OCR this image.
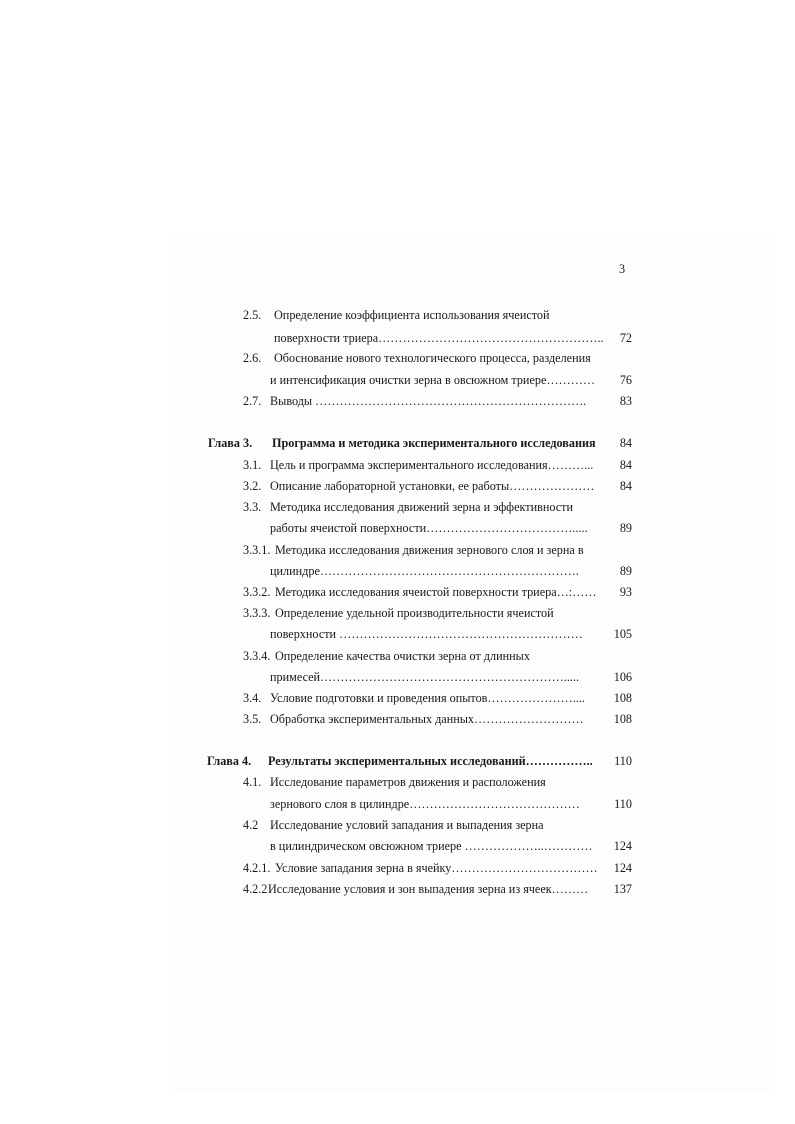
3
2.5. Определение коэффициента использования ячеистой
поверхности триера………………………………………………..	72
2.6. Обоснование нового технологического процесса, разделения
и интенсификация очистки зерна в овсюжном триере…………	76
2.7. Выводы ………………………………………………………….	83
Глава 3. Программа и методика экспериментального исследования	84
3.1. Цель и программа экспериментального исследования………...	84
3.2. Описание лабораторной установки, ее работы…………………	84
3.3. Методика исследования движений зерна и эффективности
работы ячеистой поверхности……………………………….....	89
3.3.1. Методика исследования движения зернового слоя и зерна в
цилиндре……………………………………………………….	89
3.3.2. Методика исследования ячеистой поверхности триера…:……	93
3.3.3. Определение удельной производительности ячеистой
поверхности ……………………………………………………	105
3.3.4. Определение качества очистки зерна от длинных
примесей…………………………………………………….....	106
3.4. Условие подготовки и проведения опытов…………………....	108
3.5. Обработка экспериментальных данных………………………	108
Глава 4. Результаты экспериментальных исследований……………..	110
4.1. Исследование параметров движения и расположения
зернового слоя в цилиндре……………………………………	110
4.2 Исследование условий западания и выпадения зерна
в цилиндрическом овсюжном триере ………………..…………	124
4.2.1. Условие западания зерна в ячейку………………………………	124
4.2.2 Исследование условия и зон выпадения зерна из ячеек………	137
